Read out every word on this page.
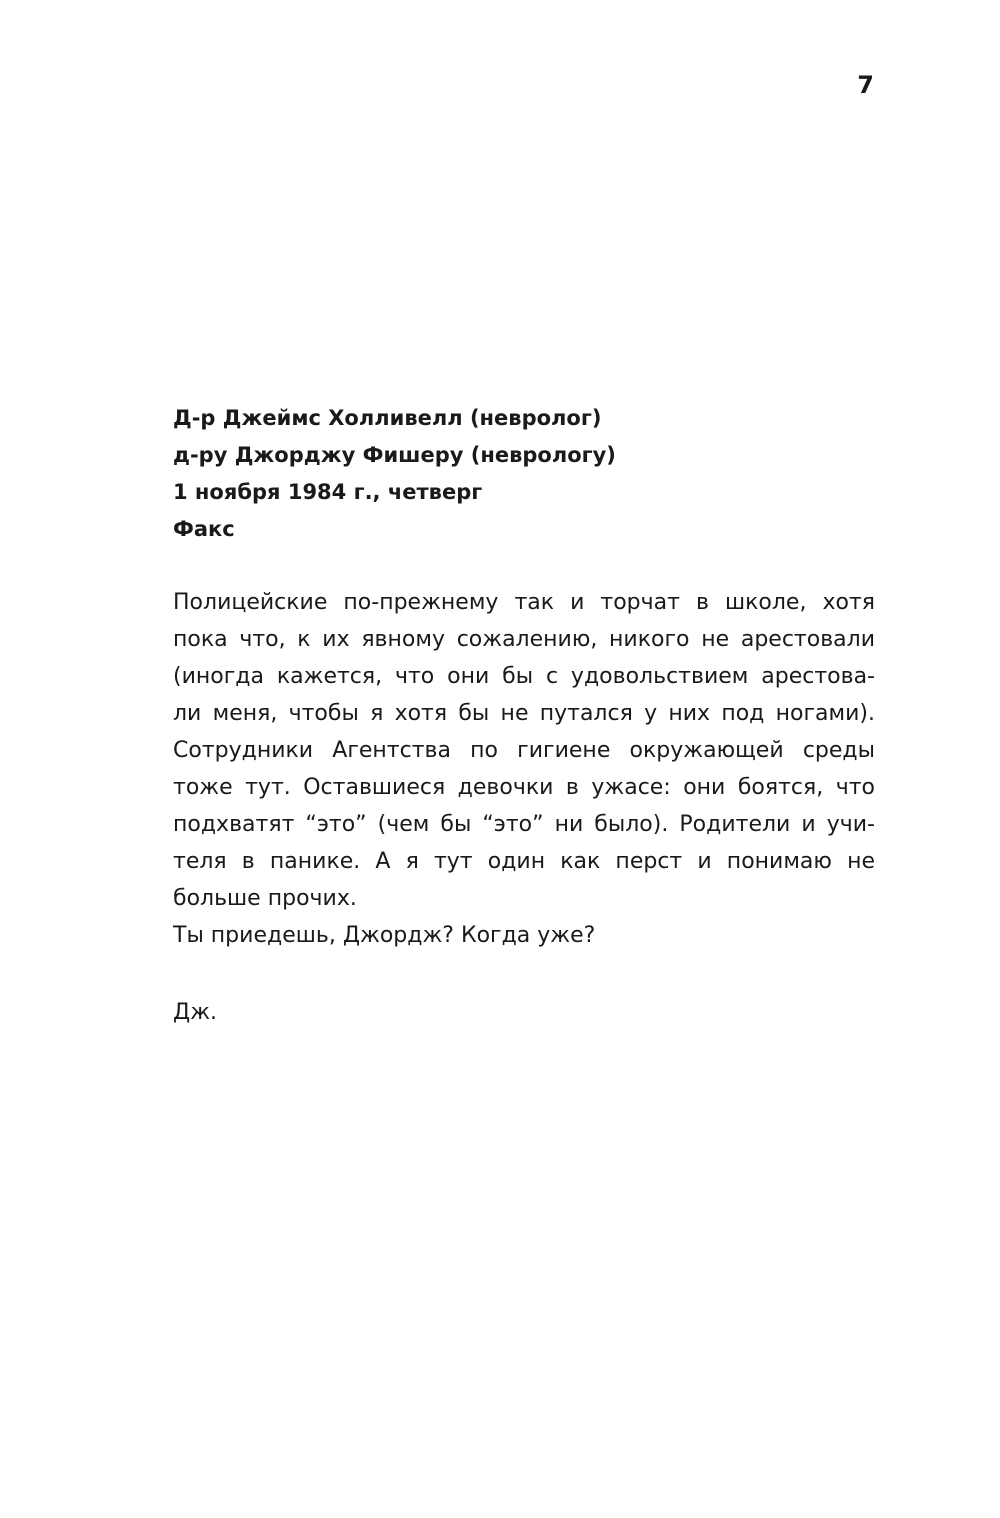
7
Д-р Джеймс Холливелл (невролог)
д-ру Джорджу Фишеру (неврологу)
1 ноября 1984 г., четверг
Факс
Полицейские по-прежнему так и торчат в школе, хотя
пока что, к их явному сожалению, никого не арестовали
(иногда кажется, что они бы с удовольствием арестова-
ли меня, чтобы я хотя бы не путался у них под ногами).
Сотрудники Агентства по гигиене окружающей среды
тоже тут. Оставшиеся девочки в ужасе: они боятся, что
подхватят “это” (чем бы “это” ни было). Родители и учи-
теля в панике. А я тут один как перст и понимаю не
больше прочих.
Ты приедешь, Джордж? Когда уже?
Дж.
